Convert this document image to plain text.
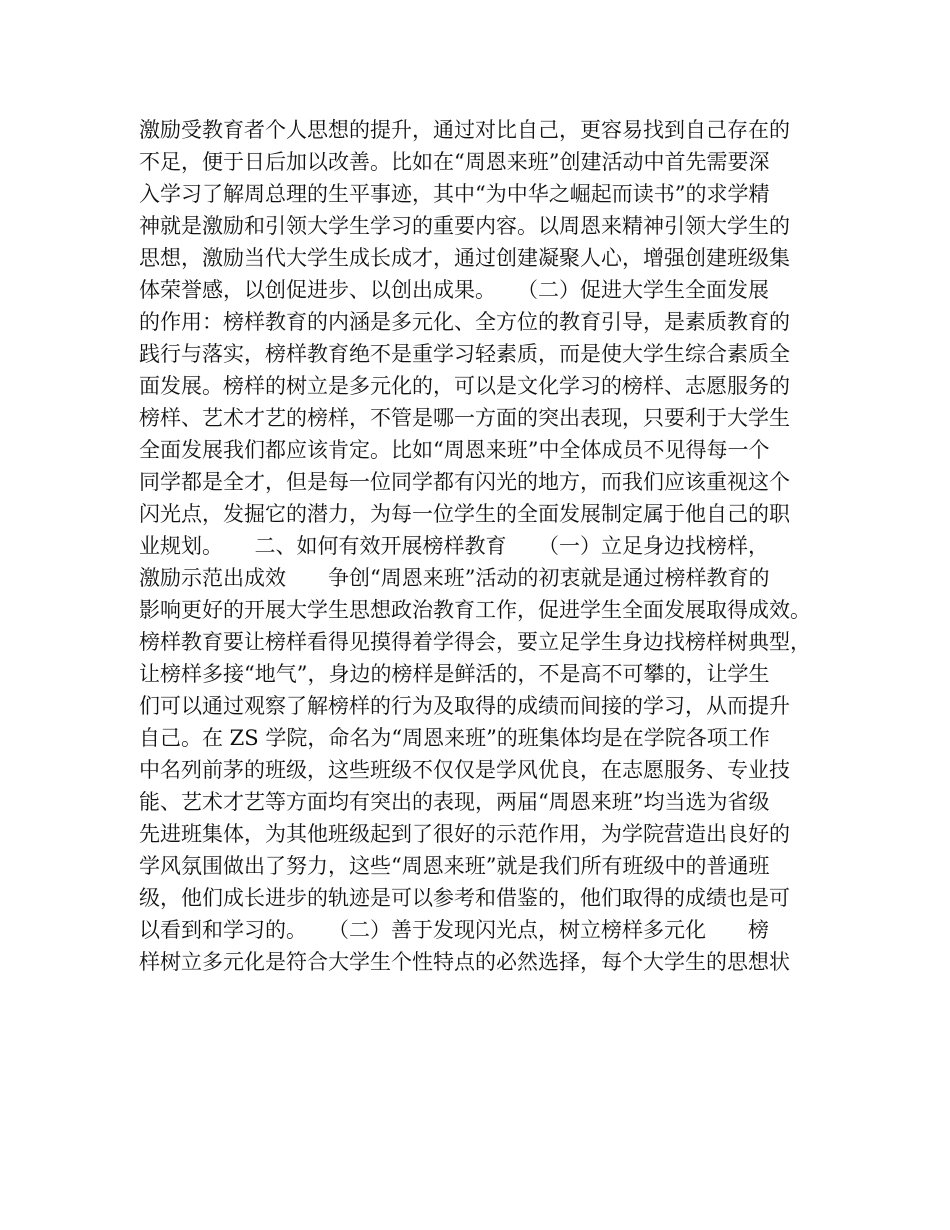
激励受教育者个人思想的提升，通过对比自己，更容易找到自己存在的
不足，便于日后加以改善。比如在“周恩来班”创建活动中首先需要深
入学习了解周总理的生平事迹，其中“为中华之崛起而读书”的求学精
神就是激励和引领大学生学习的重要内容。以周恩来精神引领大学生的
思想，激励当代大学生成长成才，通过创建凝聚人心，增强创建班级集
体荣誉感，以创促进步、以创出成果。　　（二）促进大学生全面发展
的作用：榜样教育的内涵是多元化、全方位的教育引导，是素质教育的
践行与落实，榜样教育绝不是重学习轻素质，而是使大学生综合素质全
面发展。榜样的树立是多元化的，可以是文化学习的榜样、志愿服务的
榜样、艺术才艺的榜样，不管是哪一方面的突出表现，只要利于大学生
全面发展我们都应该肯定。比如“周恩来班”中全体成员不见得每一个
同学都是全才，但是每一位同学都有闪光的地方，而我们应该重视这个
闪光点，发掘它的潜力，为每一位学生的全面发展制定属于他自己的职
业规划。　　二、如何有效开展榜样教育　　（一）立足身边找榜样，
激励示范出成效　　争创“周恩来班”活动的初衷就是通过榜样教育的
影响更好的开展大学生思想政治教育工作，促进学生全面发展取得成效。
榜样教育要让榜样看得见摸得着学得会，要立足学生身边找榜样树典型，
让榜样多接“地气”，身边的榜样是鲜活的，不是高不可攀的，让学生
们可以通过观察了解榜样的行为及取得的成绩而间接的学习，从而提升
自己。在 ZS 学院，命名为“周恩来班”的班集体均是在学院各项工作
中名列前茅的班级，这些班级不仅仅是学风优良，在志愿服务、专业技
能、艺术才艺等方面均有突出的表现，两届“周恩来班”均当选为省级
先进班集体，为其他班级起到了很好的示范作用，为学院营造出良好的
学风氛围做出了努力，这些“周恩来班”就是我们所有班级中的普通班
级，他们成长进步的轨迹是可以参考和借鉴的，他们取得的成绩也是可
以看到和学习的。　　（二）善于发现闪光点，树立榜样多元化　　榜
样树立多元化是符合大学生个性特点的必然选择，每个大学生的思想状
